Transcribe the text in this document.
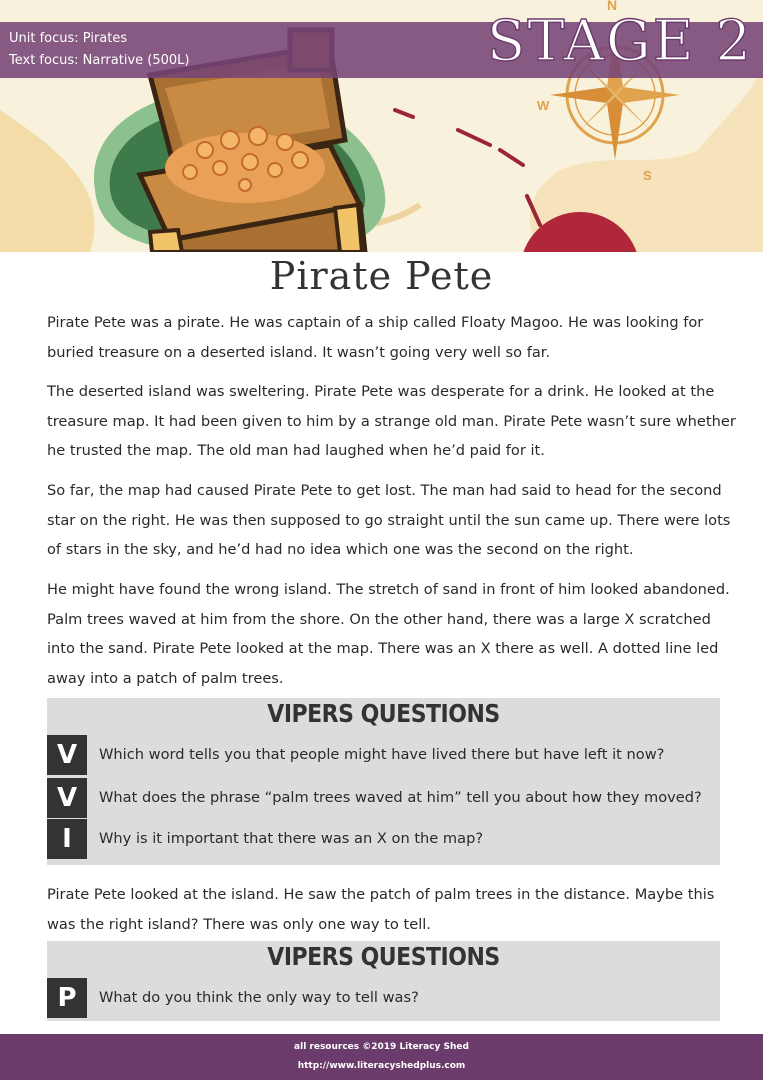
N
W
S
Unit focus: Pirates
Text focus: Narrative (500L)	STAGE 2
Pirate Pete

Pirate Pete was a pirate. He was captain of a ship called Floaty Magoo. He was looking for buried treasure on a deserted island. It wasn’t going very well so far.

The deserted island was sweltering. Pirate Pete was desperate for a drink. He looked at the treasure map. It had been given to him by a strange old man. Pirate Pete wasn’t sure whether he trusted the map. The old man had laughed when he’d paid for it.

So far, the map had caused Pirate Pete to get lost. The man had said to head for the second star on the right. He was then supposed to go straight until the sun came up. There were lots of stars in the sky, and he’d had no idea which one was the second on the right.

He might have found the wrong island. The stretch of sand in front of him looked abandoned. Palm trees waved at him from the shore. On the other hand, there was a large X scratched into the sand. Pirate Pete looked at the map. There was an X there as well. A dotted line led away into a patch of palm trees.

VIPERS QUESTIONS
V	Which word tells you that people might have lived there but have left it now?
V	What does the phrase “palm trees waved at him” tell you about how they moved?
I	Why is it important that there was an X on the map?

Pirate Pete looked at the island. He saw the patch of palm trees in the distance. Maybe this was the right island? There was only one way to tell.

VIPERS QUESTIONS
P	What do you think the only way to tell was?
all resources ©2019 Literacy Shed
http://www.literacyshedplus.com
